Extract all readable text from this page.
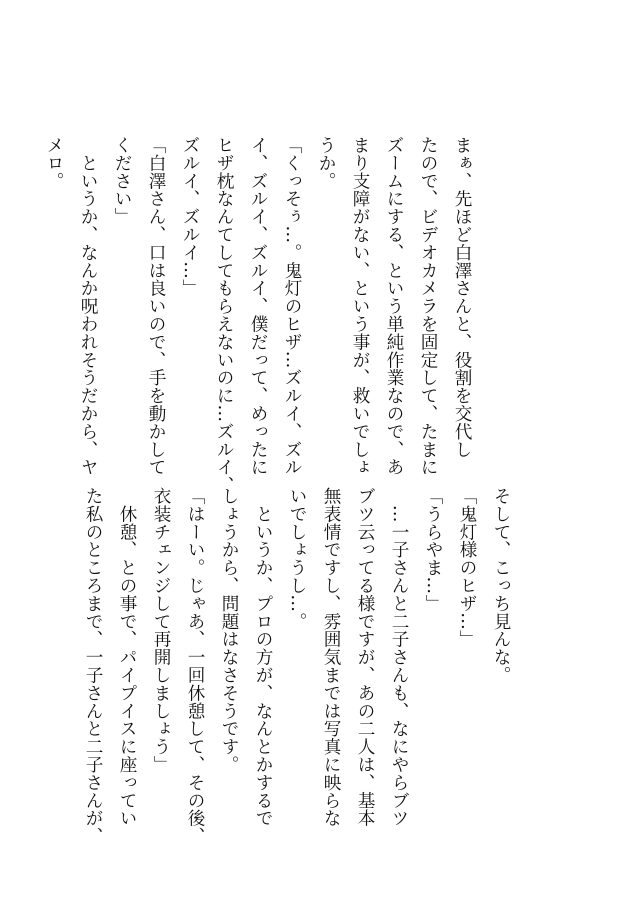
まぁ、先ほど白澤さんと、役割を交代し
たので、ビデオカメラを固定して、たまに
ズームにする、という単純作業なので、あ
まり支障がない、という事が、救いでしょ
うか。
「くっそぅ…。鬼灯のヒザ…ズルイ、ズル
イ、ズルイ、ズルイ、僕だって、めったに
ヒザ枕なんてしてもらえないのに…ズルイ、
ズルイ、ズルイ…」
「白澤さん、口は良いので、手を動かして
ください」
　というか、なんか呪われそうだから、ヤ
メロ。
そして、こっち見んな。
「鬼灯様のヒザ…」
「うらやま…」
　…一子さんと二子さんも、なにやらブツ
ブツ云ってる様ですが、あの二人は、基本
無表情ですし、雰囲気までは写真に映らな
いでしょうし…。
　というか、プロの方が、なんとかするで
しょうから、問題はなさそうです。
「はーい。じゃあ、一回休憩して、その後、
衣装チェンジして再開しましょう」
　休憩、との事で、パイプイスに座ってい
た私のところまで、一子さんと二子さんが、
